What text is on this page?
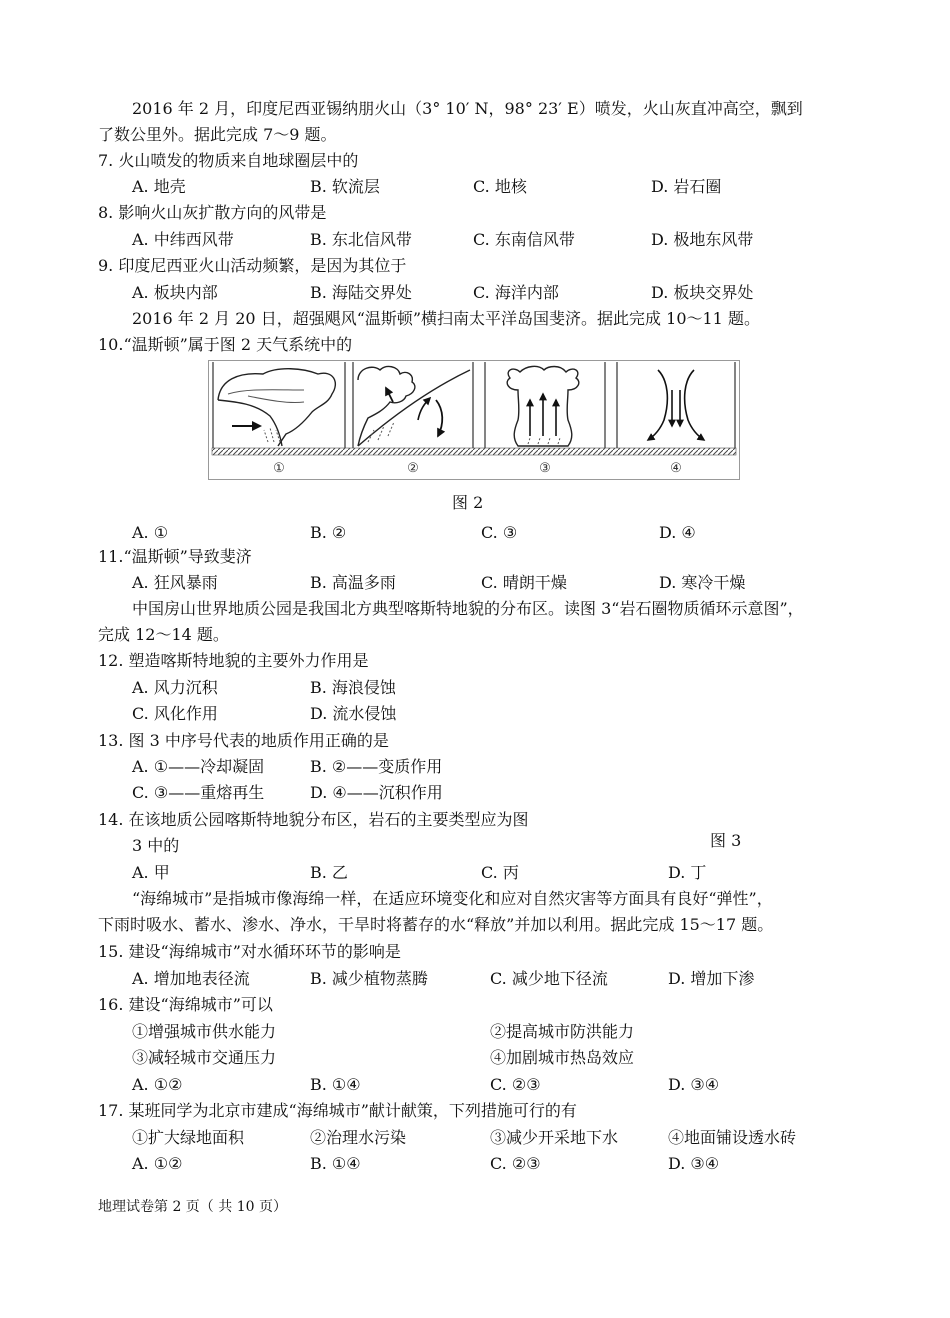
2016 年 2 月，印度尼西亚锡纳朋火山（3° 10′ N，98° 23′ E）喷发，火山灰直冲高空，飘到
了数公里外。据此完成 7～9 题。
7. 火山喷发的物质来自地球圈层中的
A. 地壳	B. 软流层	C. 地核	D. 岩石圈
8. 影响火山灰扩散方向的风带是
A. 中纬西风带	B. 东北信风带	C. 东南信风带	D. 极地东风带
9. 印度尼西亚火山活动频繁，是因为其位于
A. 板块内部	B. 海陆交界处	C. 海洋内部	D. 板块交界处
2016 年 2 月 20 日，超强飓风“温斯顿”横扫南太平洋岛国斐济。据此完成 10～11 题。
10.“温斯顿”属于图 2 天气系统中的
①	②	③	④
图 2
A. ①	B. ②	C. ③	D. ④
11.“温斯顿”导致斐济
A. 狂风暴雨	B. 高温多雨	C. 晴朗干燥	D. 寒冷干燥
中国房山世界地质公园是我国北方典型喀斯特地貌的分布区。读图 3“岩石圈物质循环示意图”，
完成 12～14 题。
12. 塑造喀斯特地貌的主要外力作用是
A. 风力沉积	B. 海浪侵蚀
C. 风化作用	D. 流水侵蚀
13. 图 3 中序号代表的地质作用正确的是
A. ①——冷却凝固	B. ②——变质作用
C. ③——重熔再生	D. ④——沉积作用
14. 在该地质公园喀斯特地貌分布区，岩石的主要类型应为图
图 3
3 中的
A. 甲	B. 乙	C. 丙	D. 丁
“海绵城市”是指城市像海绵一样，在适应环境变化和应对自然灾害等方面具有良好“弹性”，
下雨时吸水、蓄水、渗水、净水，干旱时将蓄存的水“释放”并加以利用。据此完成 15～17 题。
15. 建设“海绵城市”对水循环环节的影响是
A. 增加地表径流	B. 减少植物蒸腾	C. 减少地下径流	D. 增加下渗
16. 建设“海绵城市”可以
①增强城市供水能力	②提高城市防洪能力
③减轻城市交通压力	④加剧城市热岛效应
A. ①②	B. ①④	C. ②③	D. ③④
17. 某班同学为北京市建成“海绵城市”献计献策，下列措施可行的有
①扩大绿地面积	②治理水污染	③减少开采地下水	④地面铺设透水砖
A. ①②	B. ①④	C. ②③	D. ③④
地理试卷第 2 页（ 共 10 页）
